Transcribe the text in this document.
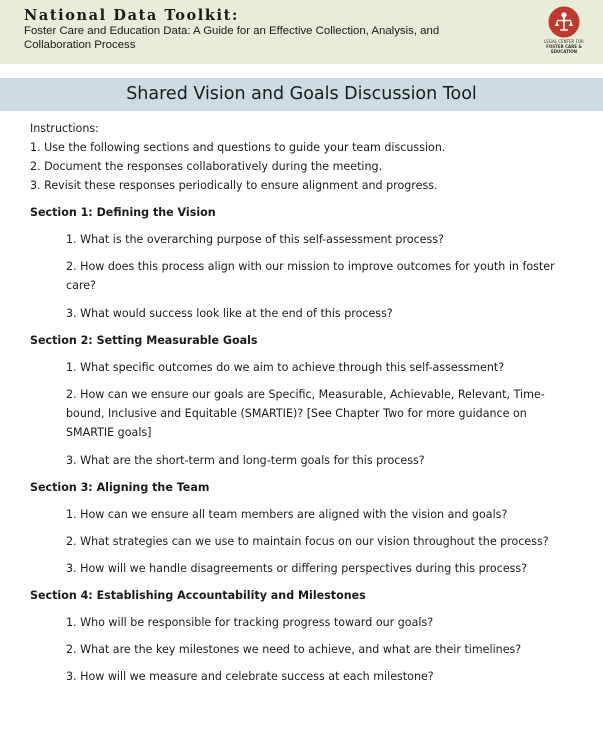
National Data Toolkit:
Foster Care and Education Data: A Guide for an Effective Collection, Analysis, and Collaboration Process	LEGAL CENTER FOR
FOSTER CARE & EDUCATION
Shared Vision and Goals Discussion Tool
Instructions:
1. Use the following sections and questions to guide your team discussion.
2. Document the responses collaboratively during the meeting.
3. Revisit these responses periodically to ensure alignment and progress.
Section 1: Defining the Vision
1. What is the overarching purpose of this self-assessment process?
2. How does this process align with our mission to improve outcomes for youth in foster care?
3. What would success look like at the end of this process?
Section 2: Setting Measurable Goals
1. What specific outcomes do we aim to achieve through this self-assessment?
2. How can we ensure our goals are Specific, Measurable, Achievable, Relevant, Time-bound, Inclusive and Equitable (SMARTIE)? [See Chapter Two for more guidance on SMARTIE goals]
3. What are the short-term and long-term goals for this process?
Section 3: Aligning the Team
1. How can we ensure all team members are aligned with the vision and goals?
2. What strategies can we use to maintain focus on our vision throughout the process?
3. How will we handle disagreements or differing perspectives during this process?
Section 4: Establishing Accountability and Milestones
1. Who will be responsible for tracking progress toward our goals?
2. What are the key milestones we need to achieve, and what are their timelines?
3. How will we measure and celebrate success at each milestone?
